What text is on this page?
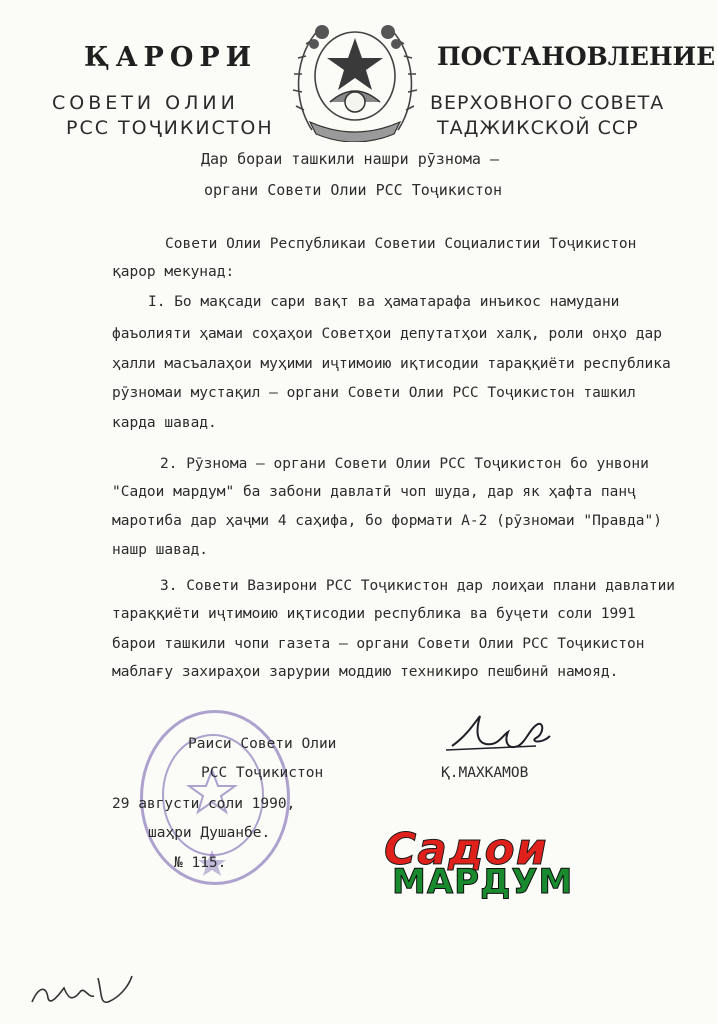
ҚАРОРИ
СОВЕТИ ОЛИИ
РСС ТОҶИКИСТОН
ПОСТАНОВЛЕНИЕ
ВЕРХОВНОГО СОВЕТА
ТАДЖИКСКОЙ ССР
Дар бораи ташкили нашри рӯзнома –
органи Совети Олии РСС Тоҷикистон
Совети Олии Республикаи Советии Социалистии Тоҷикистон
қарор мекунад:
I. Бо мақсади сари вақт ва ҳаматарафа инъикос намудани
фаъолияти ҳамаи соҳаҳои Советҳои депутатҳои халқ, роли онҳо дар
ҳалли масъалаҳои муҳими иҷтимоию иқтисодии тараққиёти республика
рӯзномаи мустақил – органи Совети Олии РСС Тоҷикистон ташкил
карда шавад.
2. Рӯзнома – органи Совети Олии РСС Тоҷикистон бо унвони
"Садои мардум" ба забони давлатӣ чоп шуда, дар як ҳафта панҷ
маротиба дар ҳаҷми 4 саҳифа, бо формати А-2 (рӯзномаи "Правда")
нашр шавад.
3. Совети Вазирони РСС Тоҷикистон дар лоиҳаи плани давлатии
тараққиёти иҷтимоию иқтисодии республика ва буҷети соли 1991
барои ташкили чопи газета – органи Совети Олии РСС Тоҷикистон
маблағу захираҳои зарурии моддию техникиро пешбинӣ намояд.
Раиси Совети Олии
РСС Тоҷикистон	Қ.МАХКАМОВ
29 августи соли 1990,
шаҳри Душанбе.
№ 115.	Садои
МАРДУМ
